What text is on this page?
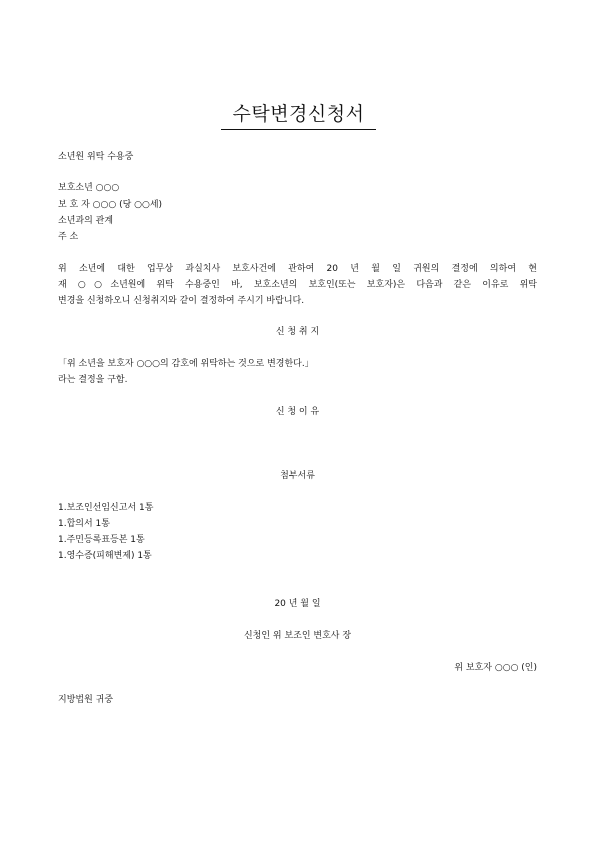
수탁변경신청서
소년원 위탁 수용중
보호소년 ○○○
보 호 자 ○○○ (당 ○○세)
소년과의 관계
주 소
위 소년에 대한 업무상 과실치사 보호사건에 관하여 20 년 월 일 귀원의 결정에 의하여 현
재 ○○소년원에 위탁 수용중인 바, 보호소년의 보호인(또는 보호자)은 다음과 같은 이유로 위탁
변경을 신청하오니 신청취지와 같이 결정하여 주시기 바랍니다.
신 청 취 지
「위 소년을 보호자 ○○○의 감호에 위탁하는 것으로 변경한다.」
라는 결정을 구함.
신 청 이 유
첨부서류
1.보조인선임신고서 1통
1.합의서 1통
1.주민등록표등본 1통
1.영수증(피해변제) 1통
20 년 월 일
신청인 위 보조인 변호사 장
위 보호자 ○○○ (인)
지방법원 귀중
